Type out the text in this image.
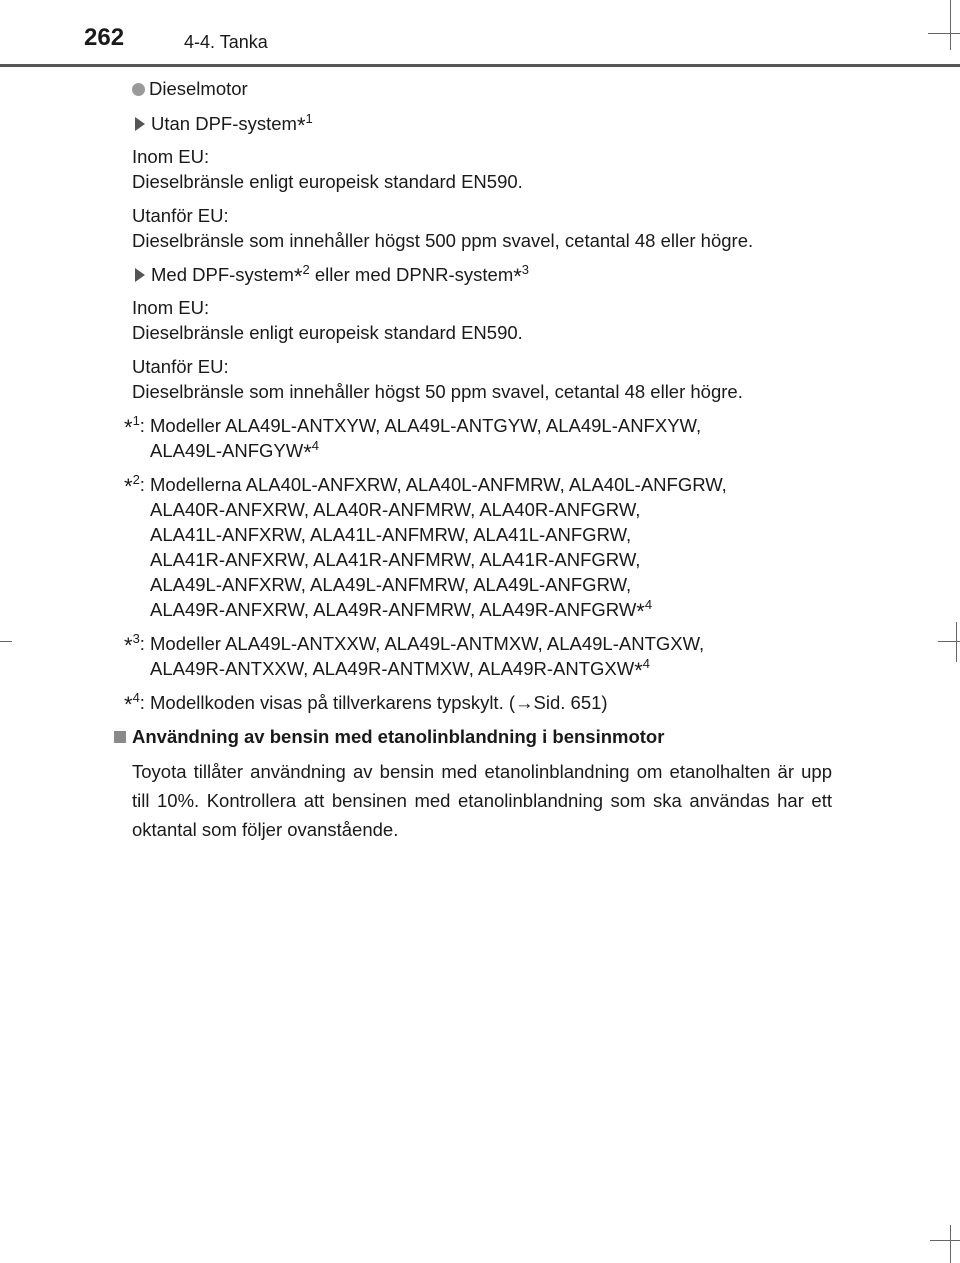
262	4-4. Tanka

Dieselmotor

Utan DPF-system*$^1$

Inom EU:
Dieselbränsle enligt europeisk standard EN590.

Utanför EU:
Dieselbränsle som innehåller högst 500 ppm svavel, cetantal 48 eller högre.

Med DPF-system*$^2$ eller med DPNR-system*$^3$

Inom EU:
Dieselbränsle enligt europeisk standard EN590.

Utanför EU:
Dieselbränsle som innehåller högst 50 ppm svavel, cetantal 48 eller högre.

*$^1$: Modeller ALA49L-ANTXYW, ALA49L-ANTGYW, ALA49L-ANFXYW,
ALA49L-ANFGYW*$^4$

*$^2$: Modellerna ALA40L-ANFXRW, ALA40L-ANFMRW, ALA40L-ANFGRW,
ALA40R-ANFXRW, ALA40R-ANFMRW, ALA40R-ANFGRW,
ALA41L-ANFXRW, ALA41L-ANFMRW, ALA41L-ANFGRW,
ALA41R-ANFXRW, ALA41R-ANFMRW, ALA41R-ANFGRW,
ALA49L-ANFXRW, ALA49L-ANFMRW, ALA49L-ANFGRW,
ALA49R-ANFXRW, ALA49R-ANFMRW, ALA49R-ANFGRW*$^4$

*$^3$: Modeller ALA49L-ANTXXW, ALA49L-ANTMXW, ALA49L-ANTGXW,
ALA49R-ANTXXW, ALA49R-ANTMXW, ALA49R-ANTGXW*$^4$

*$^4$: Modellkoden visas på tillverkarens typskylt. (→Sid. 651)

Användning av bensin med etanolinblandning i bensinmotor

Toyota tillåter användning av bensin med etanolinblandning om etanolhalten är upp till 10%. Kontrollera att bensinen med etanolinblandning som ska användas har ett oktantal som följer ovanstående.
